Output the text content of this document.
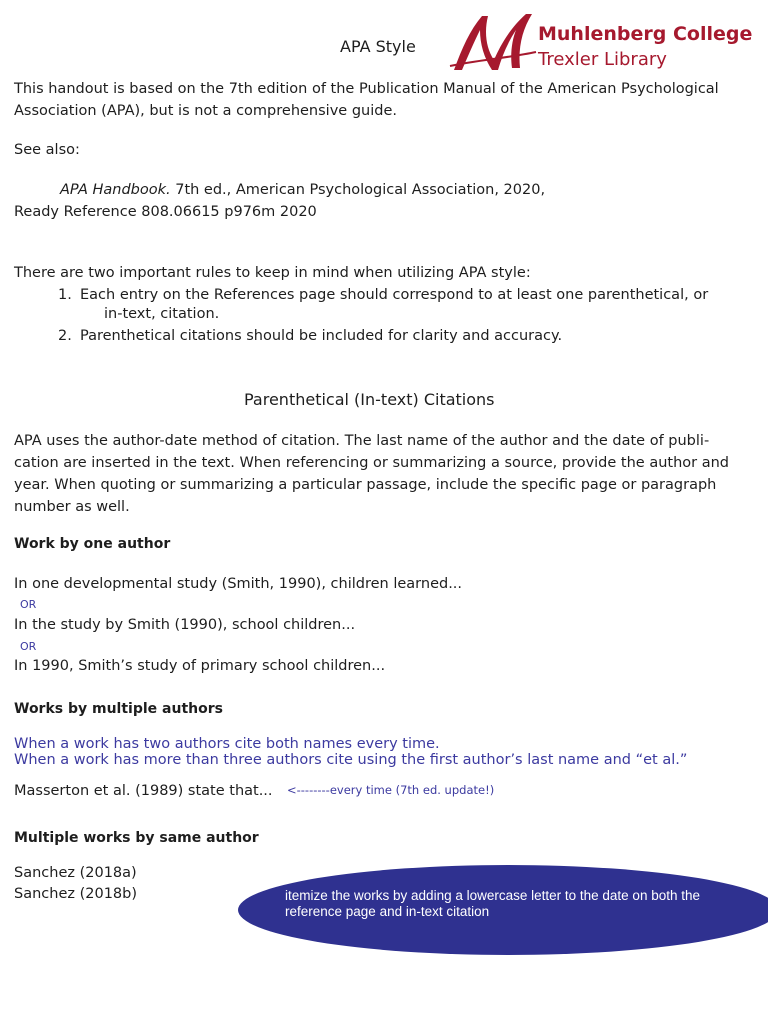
APA Style
Muhlenberg College
Trexler Library

This handout is based on the 7th edition of the Publication Manual of the American Psychological Association (APA), but is not a comprehensive guide.

See also:
APA Handbook. 7th ed., American Psychological Association, 2020,
Ready Reference 808.06615 p976m 2020
There are two important rules to keep in mind when utilizing APA style:
1. Each entry on the References page should correspond to at least one parenthetical, or
in-text, citation.
2. Parenthetical citations should be included for clarity and accuracy.
Parenthetical (In-text) Citations

APA uses the author-date method of citation. The last name of the author and the date of publi-cation are inserted in the text. When referencing or summarizing a source, provide the author and year. When quoting or summarizing a particular passage, include the specific page or paragraph number as well.

Work by one author
In one developmental study (Smith, 1990), children learned...
OR
In the study by Smith (1990), school children...
OR
In 1990, Smith’s study of primary school children...
Works by multiple authors
When a work has two authors cite both names every time.
When a work has more than three authors cite using the first author’s last name and “et al.”
Masserton et al. (1989) state that... <--------every time (7th ed. update!)
Multiple works by same author
Sanchez (2018a)
Sanchez (2018b)	itemize the works by adding a lowercase letter to the date on both the reference page and in-text citation
